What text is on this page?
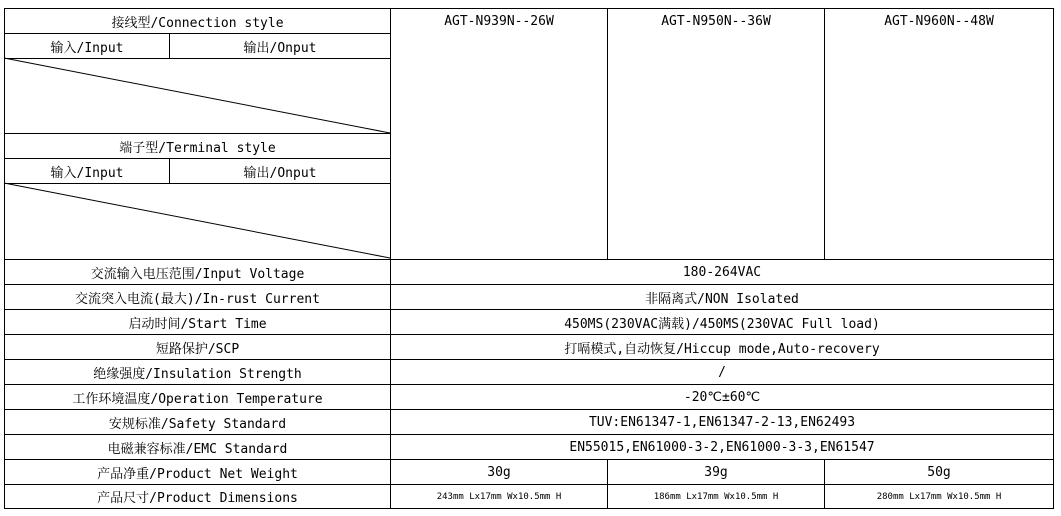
接线型/Connection style	AGT-N939N--26W	AGT-N950N--36W	AGT-N960N--48W
输入/Input	输出/Onput
端子型/Terminal style
输入/Input	输出/Onput
交流输入电压范围/Input Voltage	180-264VAC
交流突入电流(最大)/In-rust Current	非隔离式/NON Isolated
启动时间/Start Time	450MS(230VAC满载)/450MS(230VAC Full load)
短路保护/SCP	打嗝模式,自动恢复/Hiccup mode,Auto-recovery
绝缘强度/Insulation Strength	/
工作环境温度/Operation Temperature	-20℃±60℃
安规标准/Safety Standard	TUV:EN61347-1,EN61347-2-13,EN62493
电磁兼容标准/EMC Standard	EN55015,EN61000-3-2,EN61000-3-3,EN61547
产品净重/Product Net Weight	30g	39g	50g
产品尺寸/Product Dimensions	243mm Lx17mm Wx10.5mm H	186mm Lx17mm Wx10.5mm H	280mm Lx17mm Wx10.5mm H
